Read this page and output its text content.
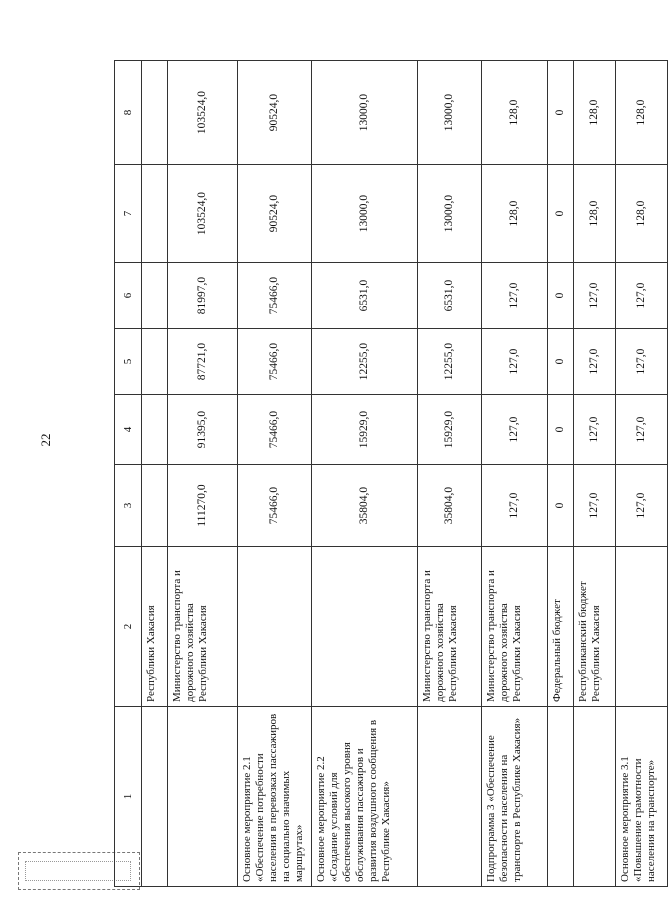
22
1	2	3	4	5	6	7	8
	Республики Хакасия						
	Министерство транспорта и дорожного хозяйства Республики Хакасия	111270,0	91395,0	87721,0	81997,0	103524,0	103524,0
Основное мероприятие 2.1 «Обеспечение потребности населения в перевозках пассажиров на социально значимых маршрутах»		75466,0	75466,0	75466,0	75466,0	90524,0	90524,0
Основное мероприятие 2.2 «Создание условий для обеспечения высокого уровня обслуживания пассажиров и развития воздушного сообщения в Республике Хакасия»		35804,0	15929,0	12255,0	6531,0	13000,0	13000,0
	Министерство транспорта и дорожного хозяйства Республики Хакасия	35804,0	15929,0	12255,0	6531,0	13000,0	13000,0
Подпрограмма 3 «Обеспечение безопасности населения на транспорте в Республике Хакасия»	Министерство транспорта и дорожного хозяйства Республики Хакасия	127,0	127,0	127,0	127,0	128,0	128,0
	Федеральный бюджет	0	0	0	0	0	0
	Республиканский бюджет Республики Хакасия	127,0	127,0	127,0	127,0	128,0	128,0
Основное мероприятие 3.1 «Повышение грамотности населения на транспорте»		127,0	127,0	127,0	127,0	128,0	128,0
